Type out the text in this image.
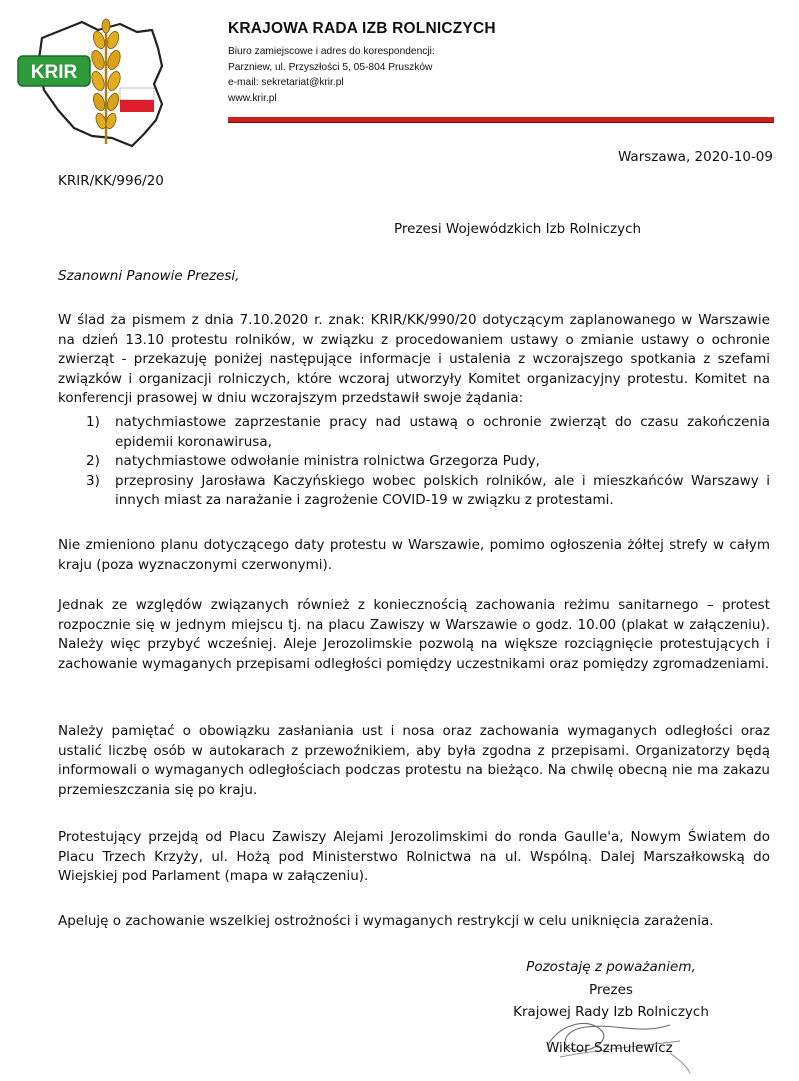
KRIR
KRAJOWA RADA IZB ROLNICZYCH
Biuro zamiejscowe i adres do korespondencji:
Parzniew, ul. Przyszłości 5, 05-804 Pruszków
e-mail: sekretariat@krir.pl
www.krir.pl
Warszawa, 2020-10-09
KRIR/KK/996/20
Prezesi Wojewódzkich Izb Rolniczych
Szanowni Panowie Prezesi,

W ślad za pismem z dnia 7.10.2020 r. znak: KRIR/KK/990/20 dotyczącym zaplanowanego w Warszawie na dzień 13.10 protestu rolników, w związku z procedowaniem ustawy o zmianie ustawy o ochronie zwierząt - przekazuję poniżej następujące informacje i ustalenia z wczorajszego spotkania z szefami związków i organizacji rolniczych, które wczoraj utworzyły Komitet organizacyjny protestu. Komitet na konferencji prasowej w dniu wczorajszym przedstawił swoje żądania:

1) natychmiastowe zaprzestanie pracy nad ustawą o ochronie zwierząt do czasu zakończenia epidemii koronawirusa,
2) natychmiastowe odwołanie ministra rolnictwa Grzegorza Pudy,
3) przeprosiny Jarosława Kaczyńskiego wobec polskich rolników, ale i mieszkańców Warszawy i innych miast za narażanie i zagrożenie COVID-19 w związku z protestami.

Nie zmieniono planu dotyczącego daty protestu w Warszawie, pomimo ogłoszenia żółtej strefy w całym kraju (poza wyznaczonymi czerwonymi).

Jednak ze względów związanych również z koniecznością zachowania reżimu sanitarnego – protest rozpocznie się w jednym miejscu tj. na placu Zawiszy w Warszawie o godz. 10.00 (plakat w załączeniu). Należy więc przybyć wcześniej. Aleje Jerozolimskie pozwolą na większe rozciągnięcie protestujących i zachowanie wymaganych przepisami odległości pomiędzy uczestnikami oraz pomiędzy zgromadzeniami.

Należy pamiętać o obowiązku zasłaniania ust i nosa oraz zachowania wymaganych odległości oraz ustalić liczbę osób w autokarach z przewoźnikiem, aby była zgodna z przepisami. Organizatorzy będą informowali o wymaganych odległościach podczas protestu na bieżąco. Na chwilę obecną nie ma zakazu przemieszczania się po kraju.

Protestujący przejdą od Placu Zawiszy Alejami Jerozolimskimi do ronda Gaulle'a, Nowym Światem do Placu Trzech Krzyży, ul. Hożą pod Ministerstwo Rolnictwa na ul. Wspólną. Dalej Marszałkowską do Wiejskiej pod Parlament (mapa w załączeniu).

Apeluję o zachowanie wszelkiej ostrożności i wymaganych restrykcji w celu uniknięcia zarażenia.

Pozostaję z poważaniem,
Prezes
Krajowej Rady Izb Rolniczych
Wiktor Szmulewicz
